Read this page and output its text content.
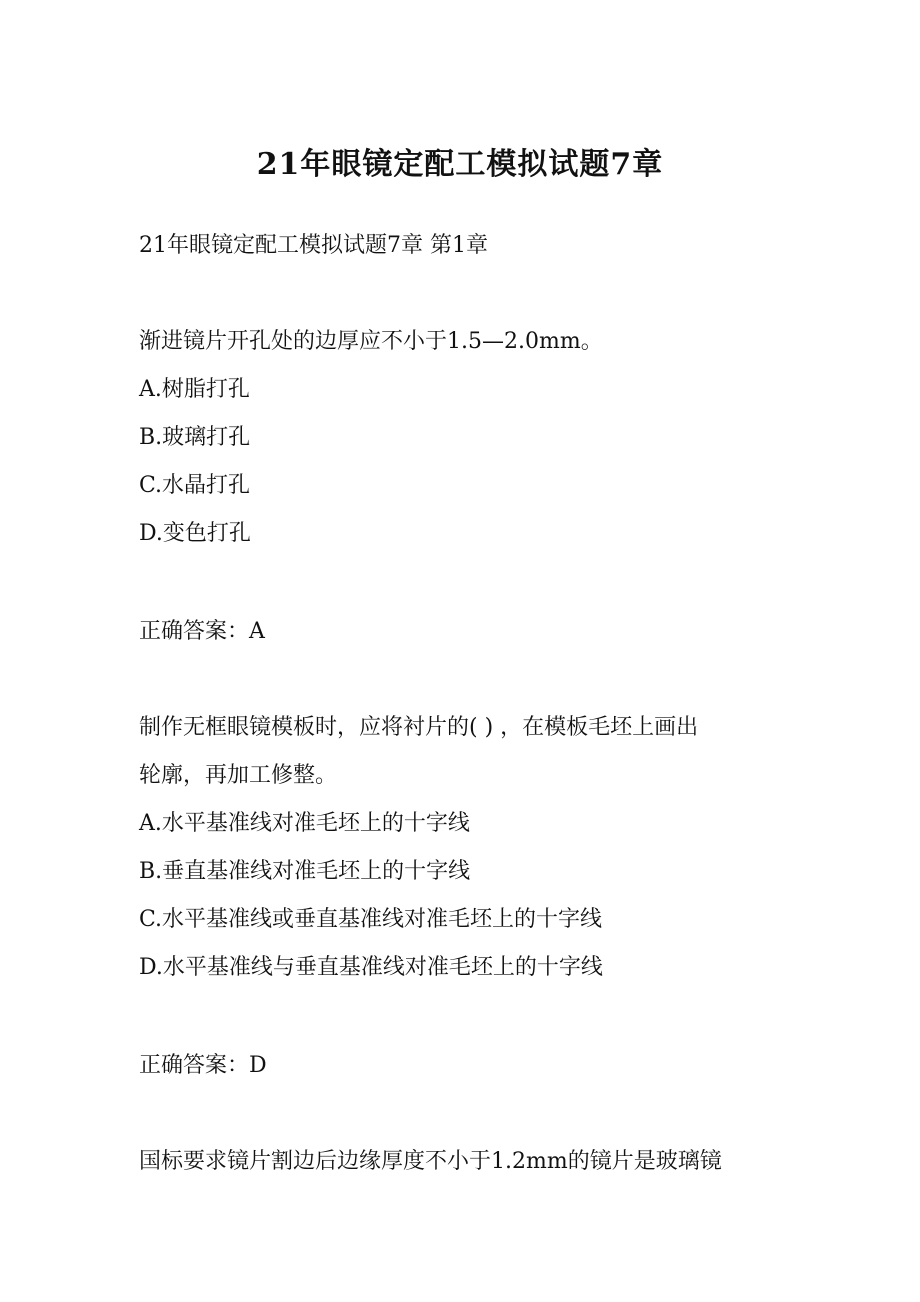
21年眼镜定配工模拟试题7章

21年眼镜定配工模拟试题7章 第1章

渐进镜片开孔处的边厚应不小于1.5—2.0mm。

A.树脂打孔

B.玻璃打孔

C.水晶打孔

D.变色打孔

正确答案：A

制作无框眼镜模板时，应将衬片的( ) ，在模板毛坯上画出

轮廓，再加工修整。

A.水平基准线对准毛坯上的十字线

B.垂直基准线对准毛坯上的十字线

C.水平基准线或垂直基准线对准毛坯上的十字线

D.水平基准线与垂直基准线对准毛坯上的十字线

正确答案：D

国标要求镜片割边后边缘厚度不小于1.2mm的镜片是玻璃镜
